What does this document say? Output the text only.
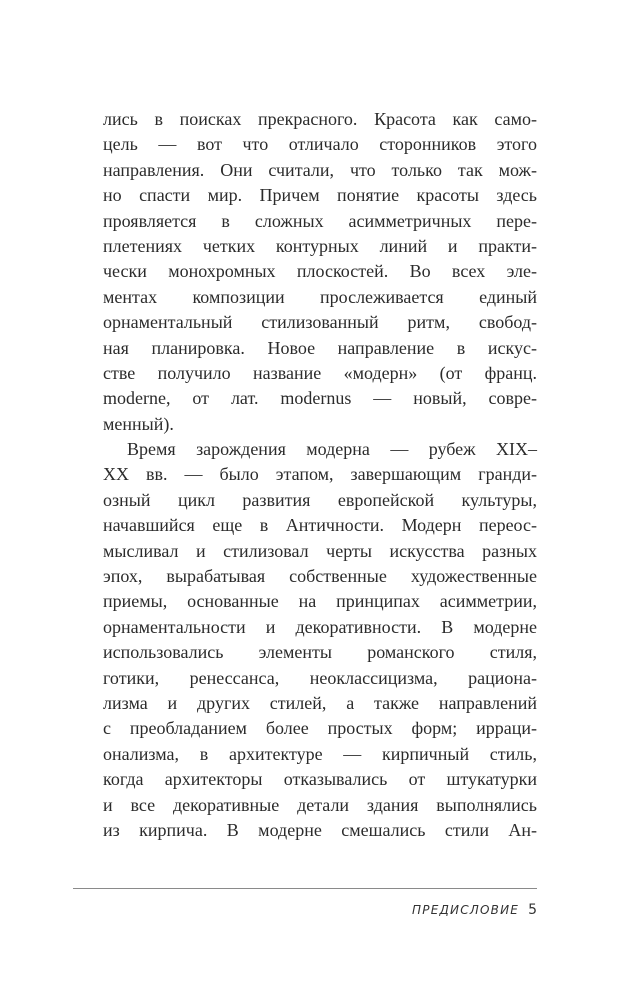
лись в поисках прекрасного. Красота как само-
цель — вот что отличало сторонников этого
направления. Они считали, что только так мож-
но спасти мир. Причем понятие красоты здесь
проявляется в сложных асимметричных пере-
плетениях четких контурных линий и практи-
чески монохромных плоскостей. Во всех эле-
ментах композиции прослеживается единый
орнаментальный стилизованный ритм, свобод-
ная планировка. Новое направление в искус-
стве получило название «модерн» (от франц.
moderne, от лат. modernus — новый, совре-
менный).
Время зарождения модерна — рубеж XIX–
XX вв. — было этапом, завершающим гранди-
озный цикл развития европейской культуры,
начавшийся еще в Античности. Модерн переос-
мысливал и стилизовал черты искусства разных
эпох, вырабатывая собственные художественные
приемы, основанные на принципах асимметрии,
орнаментальности и декоративности. В модерне
использовались элементы романского стиля,
готики, ренессанса, неоклассицизма, рациона-
лизма и других стилей, а также направлений
с преобладанием более простых форм; ирраци-
онализма, в архитектуре — кирпичный стиль,
когда архитекторы отказывались от штукатурки
и все декоративные детали здания выполнялись
из кирпича. В модерне смешались стили Ан-
ПРЕДИСЛОВИЕ 5
